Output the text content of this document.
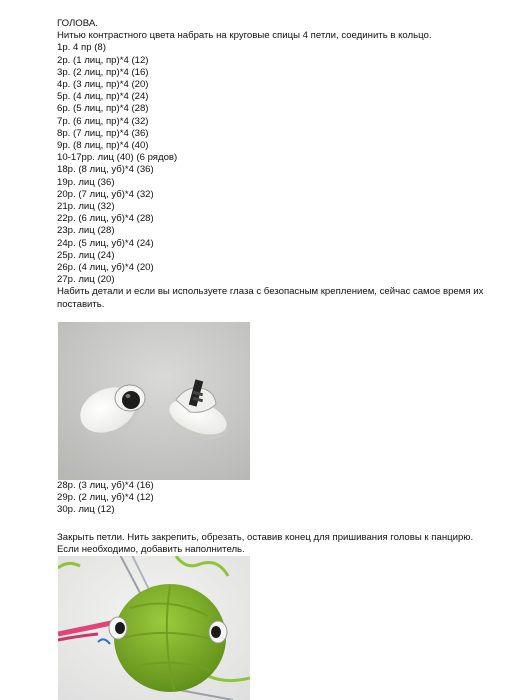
ГОЛОВА.
Нитью контрастного цвета набрать на круговые спицы 4 петли, соединить в кольцо.
1р. 4 пр (8)
2р. (1 лиц, пр)*4 (12)
3р. (2 лиц, пр)*4 (16)
4р. (3 лиц, пр)*4 (20)
5р. (4 лиц, пр)*4 (24)
6р. (5 лиц, пр)*4 (28)
7р. (6 лиц, пр)*4 (32)
8р. (7 лиц, пр)*4 (36)
9р. (8 лиц, пр)*4 (40)
10-17рр. лиц (40) (6 рядов)
18р. (8 лиц, уб)*4 (36)
19р. лиц (36)
20р. (7 лиц, уб)*4 (32)
21р. лиц (32)
22р. (6 лиц, уб)*4 (28)
23р. лиц (28)
24р. (5 лиц, уб)*4 (24)
25р. лиц (24)
26р. (4 лиц, уб)*4 (20)
27р. лиц (20)
Набить детали и если вы используете глаза с безопасным креплением, сейчас самое время их поставить.
28р. (3 лиц, уб)*4 (16)
29р. (2 лиц, уб)*4 (12)
30р. лиц (12)
Закрыть петли. Нить закрепить, обрезать, оставив конец для пришивания головы к панцирю. Если необходимо, добавить наполнитель.
